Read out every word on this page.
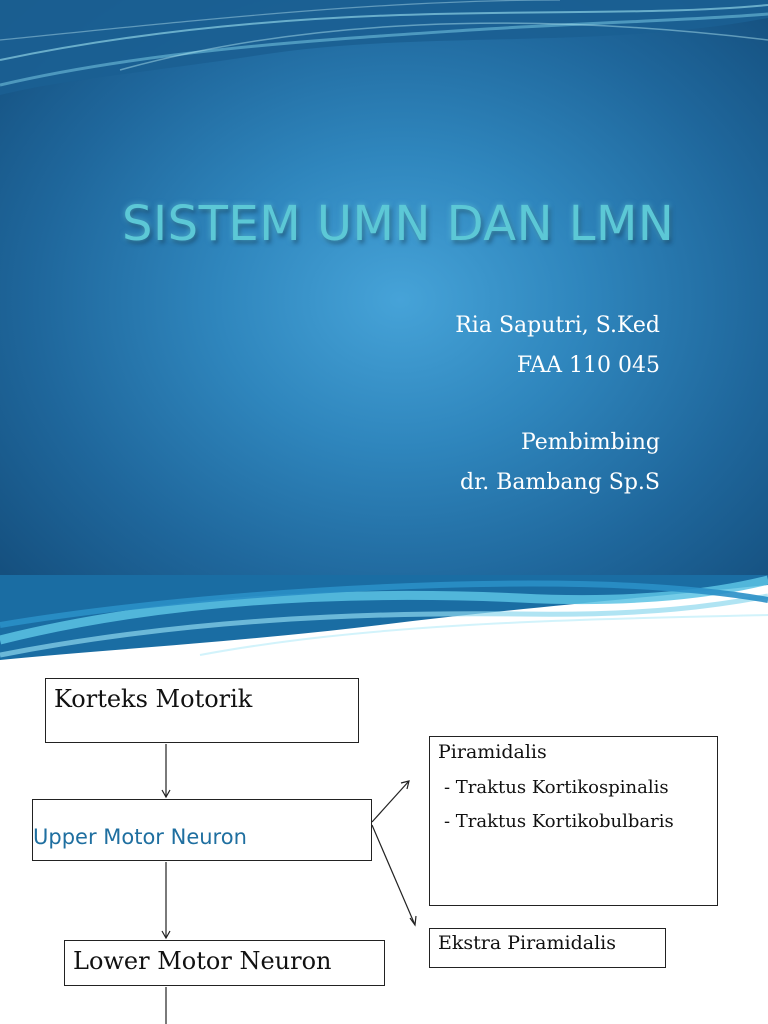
SISTEM UMN DAN LMN
Ria Saputri, S.Ked
FAA 110 045
Pembimbing
dr. Bambang Sp.S
Korteks Motorik
Upper Motor Neuron
Lower Motor Neuron
Piramidalis
- Traktus Kortikospinalis
- Traktus Kortikobulbaris
Ekstra Piramidalis
